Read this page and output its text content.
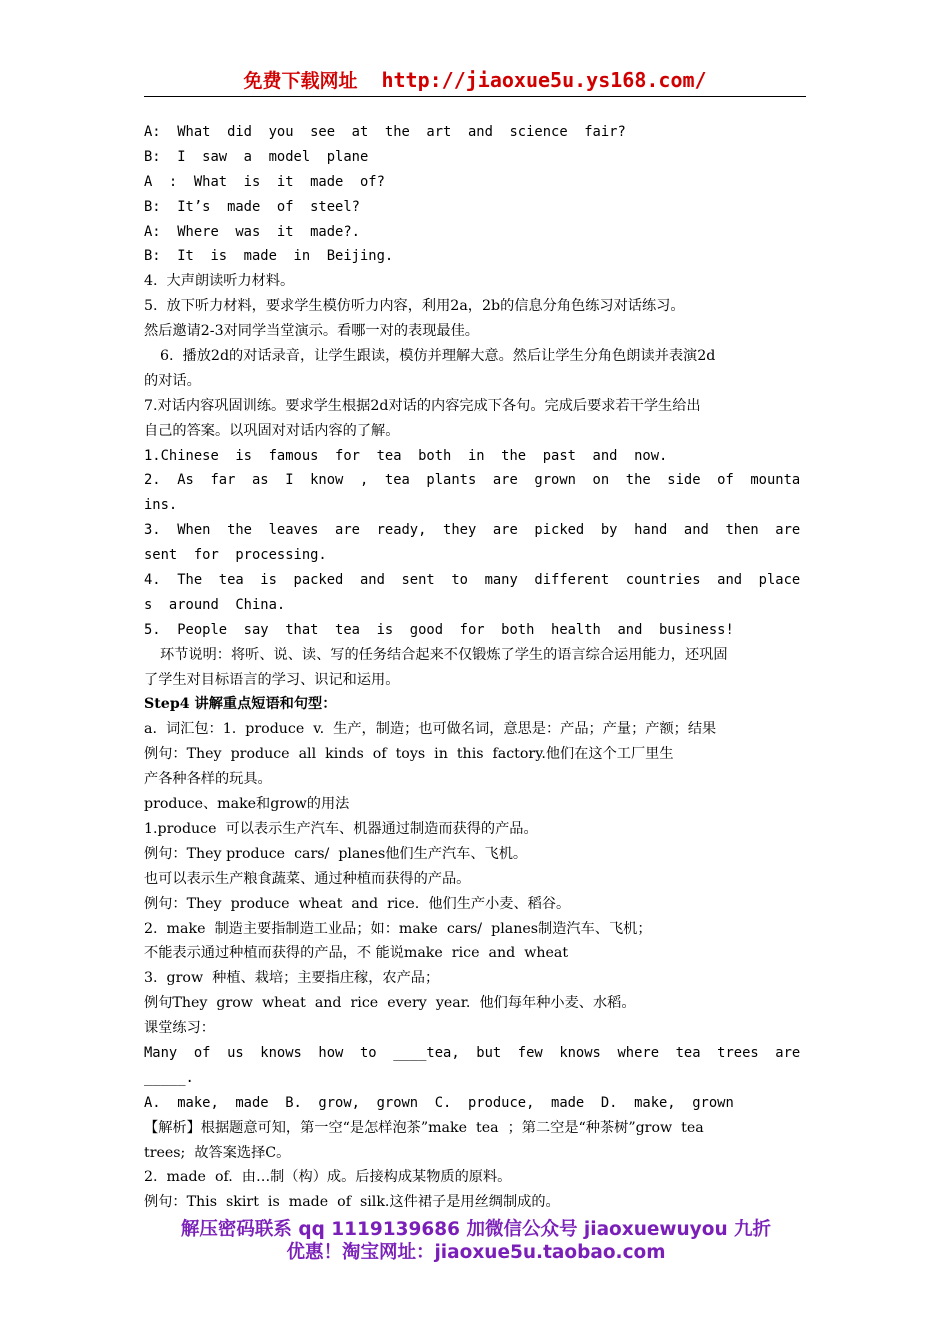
免费下载网址 http://jiaoxue5u.ys168.com/
A:  What  did  you  see  at  the  art  and  science  fair?
B:  I  saw  a  model  plane
A  :  What  is  it  made  of?
B:  It’s  made  of  steel?
A:  Where  was  it  made?.
B:  It  is  made  in  Beijing.
4.  大声朗读听力材料。
5.  放下听力材料，要求学生模仿听力内容，利用2a，2b的信息分角色练习对话练习。
然后邀请2-3对同学当堂演示。看哪一对的表现最佳。
6.  播放2d的对话录音，让学生跟读，模仿并理解大意。然后让学生分角色朗读并表演2d
的对话。
7.对话内容巩固训练。要求学生根据2d对话的内容完成下各句。完成后要求若干学生给出
自己的答案。以巩固对对话内容的了解。
1.Chinese  is  famous  for  tea  both  in  the  past  and  now.
2.  As  far  as  I  know  ,  tea  plants  are  grown  on  the  side  of  mounta
ins.
3.  When  the  leaves  are  ready,  they  are  picked  by  hand  and  then  are
sent  for  processing.
4.  The  tea  is  packed  and  sent  to  many  different  countries  and  place
s  around  China.
5.  People  say  that  tea  is  good  for  both  health  and  business!
环节说明：将听、说、读、写的任务结合起来不仅锻炼了学生的语言综合运用能力，还巩固
了学生对目标语言的学习、识记和运用。
Step4 讲解重点短语和句型：
a.  词汇包：1.  produce  v.  生产，制造；也可做名词，意思是：产品；产量；产额；结果
例句：They  produce  all  kinds  of  toys  in  this  factory.他们在这个工厂里生
产各种各样的玩具。
produce、make和grow的用法
1.produce  可以表示生产汽车、机器通过制造而获得的产品。
例句：They produce  cars/  planes他们生产汽车、飞机。
也可以表示生产粮食蔬菜、通过种植而获得的产品。
例句：They  produce  wheat  and  rice.  他们生产小麦、稻谷。
2.  make  制造主要指制造工业品；如：make  cars/  planes制造汽车、飞机；
不能表示通过种植而获得的产品，不 能说make  rice  and  wheat
3.  grow  种植、栽培；主要指庄稼，农产品；
例句They  grow  wheat  and  rice  every  year.  他们每年种小麦、水稻。
课堂练习：
Many  of  us  knows  how  to  ____tea,  but  few  knows  where  tea  trees  are
_____.
A.  make,  made  B.  grow,  grown  C.  produce,  made  D.  make,  grown
【解析】根据题意可知，第一空“是怎样泡茶”make  tea  ；第二空是“种茶树”grow  tea
trees;  故答案选择C。
2.  made  of.  由…制（构）成。后接构成某物质的原料。
例句：This  skirt  is  made  of  silk.这件裙子是用丝绸制成的。
解压密码联系 qq 1119139686 加微信公众号 jiaoxuewuyou 九折
优惠！淘宝网址：jiaoxue5u.taobao.com
